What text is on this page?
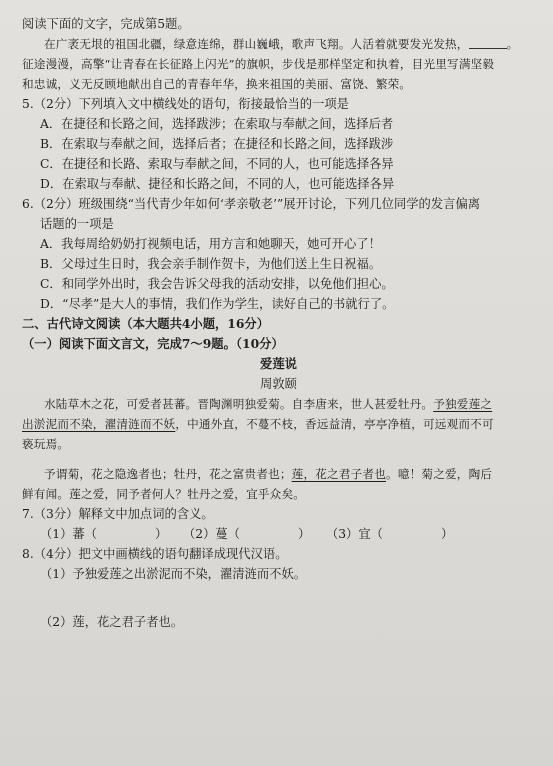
阅读下面的文字，完成第5题。
在广袤无垠的祖国北疆，绿意连绵，群山巍峨，歌声飞翔。人活着就要发光发热，	。
征途漫漫，高擎“让青春在长征路上闪光”的旗帜，步伐是那样坚定和执着，目光里写满坚毅
和忠诚，义无反顾地献出自己的青春年华，换来祖国的美丽、富饶、繁荣。
5.（2分）下列填入文中横线处的语句，衔接最恰当的一项是
A．在捷径和长路之间，选择跋涉；在索取与奉献之间，选择后者
B．在索取与奉献之间，选择后者；在捷径和长路之间，选择跋涉
C．在捷径和长路、索取与奉献之间，不同的人，也可能选择各异
D．在索取与奉献、捷径和长路之间，不同的人，也可能选择各异
6.（2分）班级围绕“当代青少年如何‘孝亲敬老’”展开讨论，下列几位同学的发言偏离
话题的一项是
A．我每周给奶奶打视频电话，用方言和她聊天，她可开心了！
B．父母过生日时，我会亲手制作贺卡，为他们送上生日祝福。
C．和同学外出时，我会告诉父母我的活动安排，以免他们担心。
D．“尽孝”是大人的事情，我们作为学生，读好自己的书就行了。
二、古代诗文阅读（本大题共4小题，16分）
（一）阅读下面文言文，完成7～9题。（10分）
爱莲说
周敦颐
水陆草木之花，可爱者甚蕃。晋陶渊明独爱菊。自李唐来，世人甚爱牡丹。予独爱莲之
出淤泥而不染，濯清涟而不妖，中通外直，不蔓不枝，香远益清，亭亭净植，可远观而不可
亵玩焉。
予谓菊，花之隐逸者也；牡丹，花之富贵者也；莲，花之君子者也。噫！菊之爱，陶后
鲜有闻。莲之爱，同予者何人？牡丹之爱，宜乎众矣。
7.（3分）解释文中加点词的含义。
（1）蕃（	） （2）蔓（	） （3）宜（	）
8.（4分）把文中画横线的语句翻译成现代汉语。
（1）予独爱莲之出淤泥而不染，濯清涟而不妖。
（2）莲，花之君子者也。
